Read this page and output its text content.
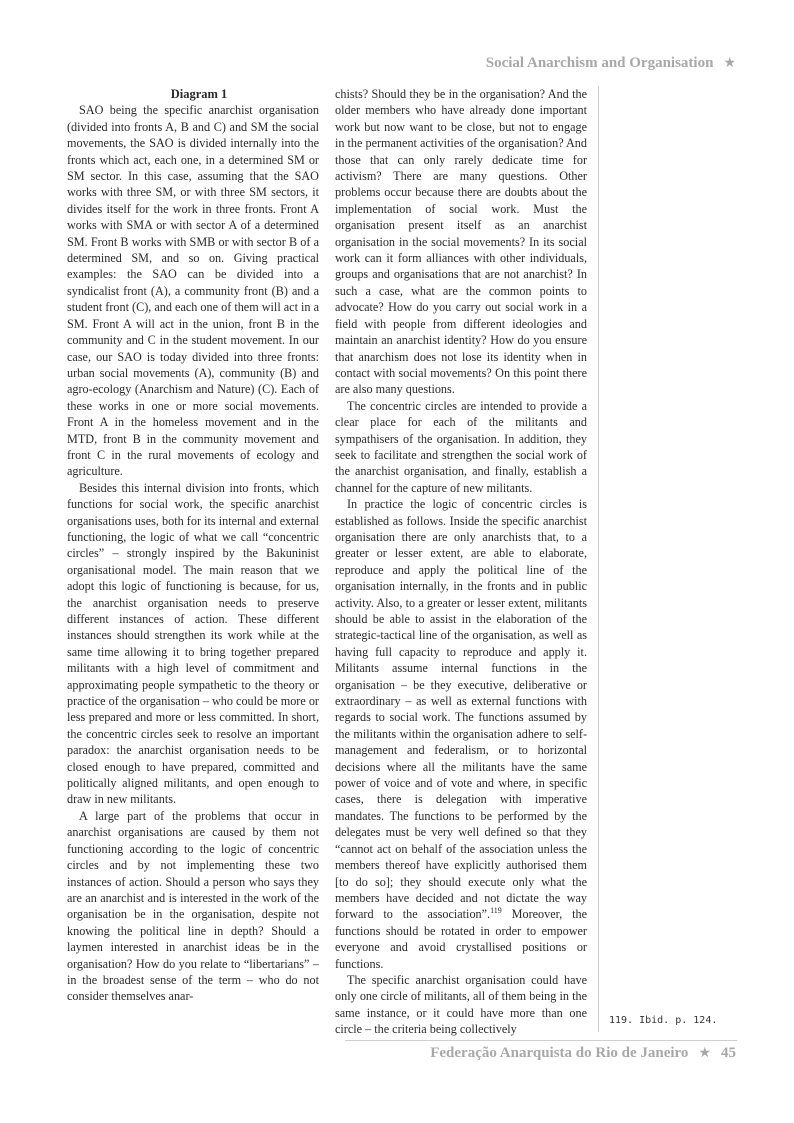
Social Anarchism and Organisation ★

Diagram 1

SAO being the specific anarchist organisation (divided into fronts A, B and C) and SM the social movements, the SAO is divided internally into the fronts which act, each one, in a determined SM or SM sector. In this case, assuming that the SAO works with three SM, or with three SM sectors, it divides itself for the work in three fronts. Front A works with SMA or with sector A of a determined SM. Front B works with SMB or with sector B of a determined SM, and so on. Giving practical examples: the SAO can be divided into a syndicalist front (A), a community front (B) and a student front (C), and each one of them will act in a SM. Front A will act in the union, front B in the community and C in the student movement. In our case, our SAO is today divided into three fronts: urban social movements (A), community (B) and agro-ecology (Anarchism and Nature) (C). Each of these works in one or more social movements. Front A in the homeless movement and in the MTD, front B in the community movement and front C in the rural movements of ecology and agriculture.

Besides this internal division into fronts, which functions for social work, the specific anarchist organisations uses, both for its internal and external functioning, the logic of what we call “concentric circles” – strongly inspired by the Bakuninist organisational model. The main reason that we adopt this logic of functioning is because, for us, the anarchist organisation needs to preserve different instances of action. These different instances should strengthen its work while at the same time allowing it to bring together prepared militants with a high level of commitment and approximating people sympathetic to the theory or practice of the organisation – who could be more or less prepared and more or less committed. In short, the concentric circles seek to resolve an important paradox: the anarchist organisation needs to be closed enough to have prepared, committed and politically aligned militants, and open enough to draw in new militants.

A large part of the problems that occur in anarchist organisations are caused by them not functioning according to the logic of concentric circles and by not implementing these two instances of action. Should a person who says they are an anarchist and is interested in the work of the organisation be in the organisation, despite not knowing the political line in depth? Should a laymen interested in anarchist ideas be in the organisation? How do you relate to “libertarians” – in the broadest sense of the term – who do not consider themselves anar-

chists? Should they be in the organisation? And the older members who have already done important work but now want to be close, but not to engage in the permanent activities of the organisation? And those that can only rarely dedicate time for activism? There are many questions. Other problems occur because there are doubts about the implementation of social work. Must the organisation present itself as an anarchist organisation in the social movements? In its social work can it form alliances with other individuals, groups and organisations that are not anarchist? In such a case, what are the common points to advocate? How do you carry out social work in a field with people from different ideologies and maintain an anarchist identity? How do you ensure that anarchism does not lose its identity when in contact with social movements? On this point there are also many questions.

The concentric circles are intended to provide a clear place for each of the militants and sympathisers of the organisation. In addition, they seek to facilitate and strengthen the social work of the anarchist organisation, and finally, establish a channel for the capture of new militants.

In practice the logic of concentric circles is established as follows. Inside the specific anarchist organisation there are only anarchists that, to a greater or lesser extent, are able to elaborate, reproduce and apply the political line of the organisation internally, in the fronts and in public activity. Also, to a greater or lesser extent, militants should be able to assist in the elaboration of the strategic-tactical line of the organisation, as well as having full capacity to reproduce and apply it. Militants assume internal functions in the organisation – be they executive, deliberative or extraordinary – as well as external functions with regards to social work. The functions assumed by the militants within the organisation adhere to self-management and federalism, or to horizontal decisions where all the militants have the same power of voice and of vote and where, in specific cases, there is delegation with imperative mandates. The functions to be performed by the delegates must be very well defined so that they “cannot act on behalf of the association unless the members thereof have explicitly authorised them [to do so]; they should execute only what the members have decided and not dictate the way forward to the association”.$^{119}$ Moreover, the functions should be rotated in order to empower everyone and avoid crystallised positions or functions.

The specific anarchist organisation could have only one circle of militants, all of them being in the same instance, or it could have more than one circle – the criteria being collectively

119. Ibid. p. 124.
Federação Anarquista do Rio de Janeiro ★ 45
